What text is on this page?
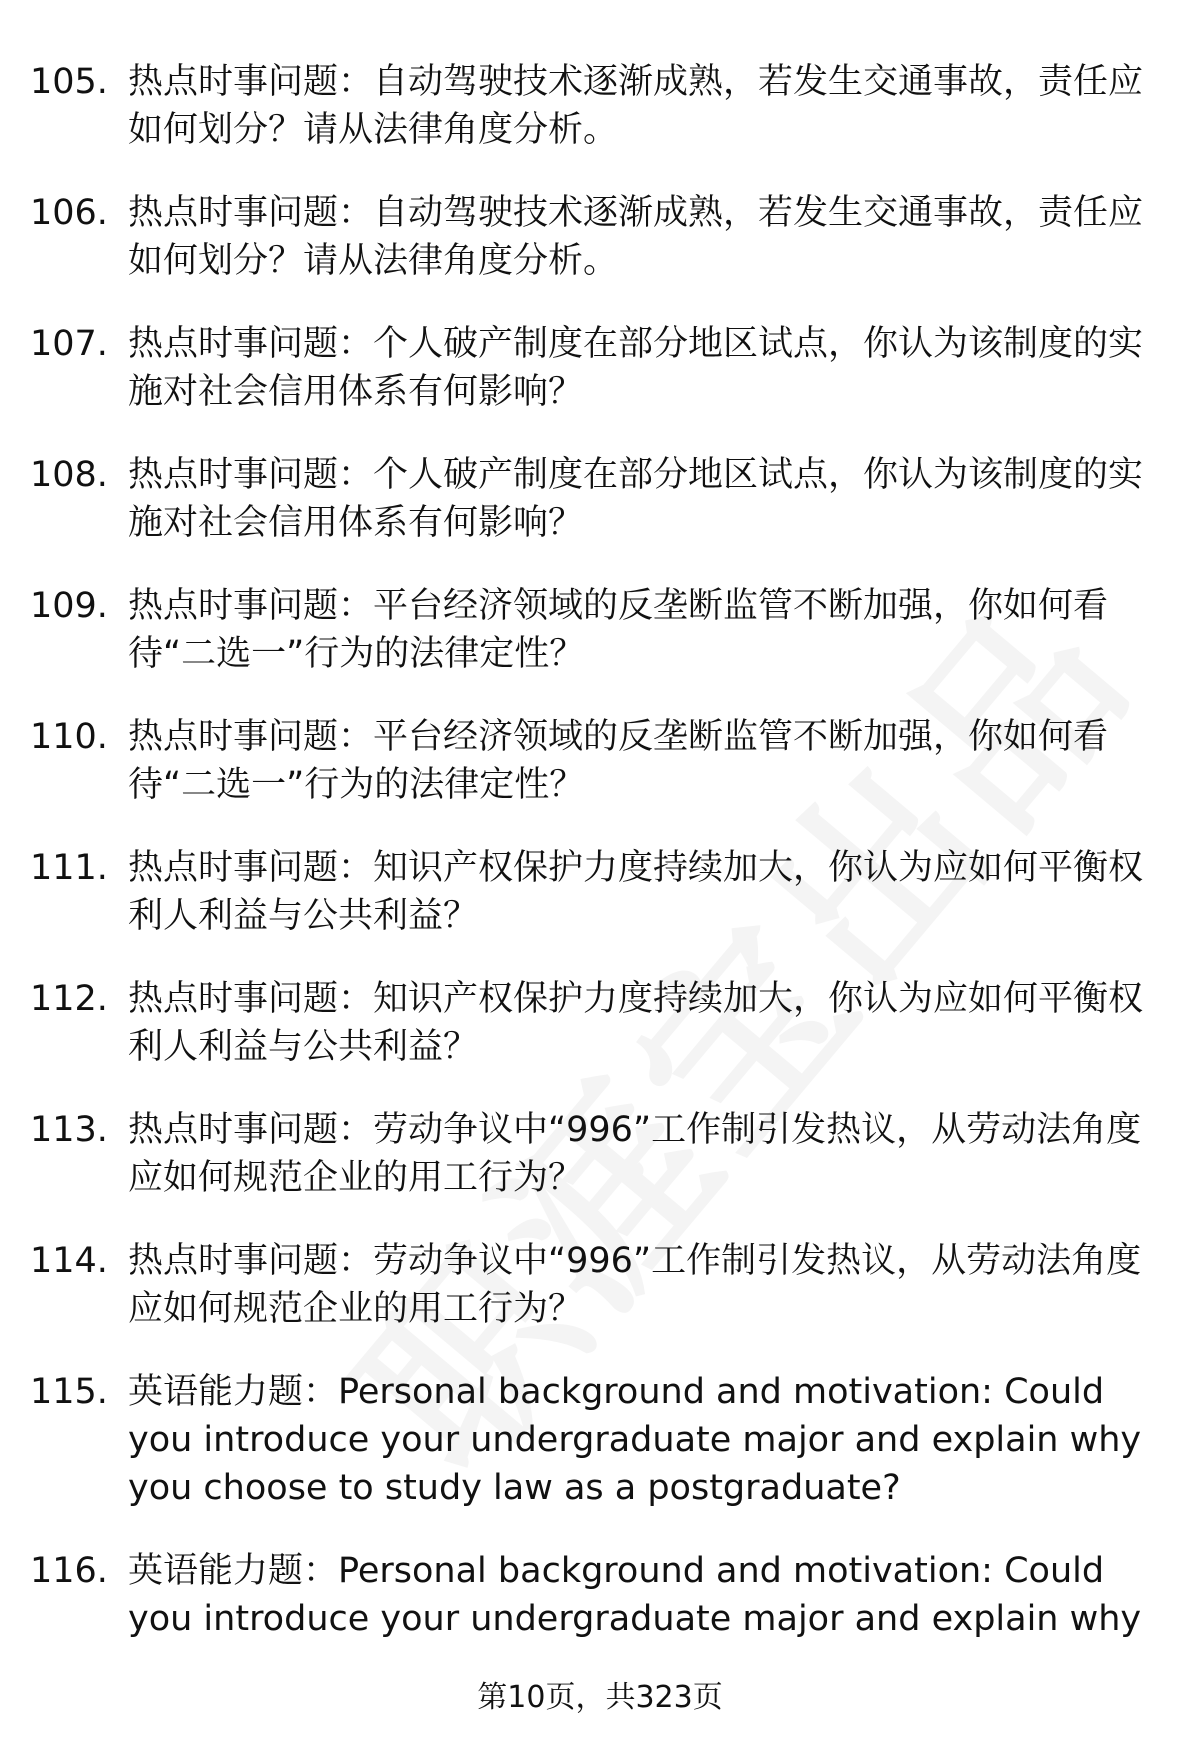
105. 热点时事问题：自动驾驶技术逐渐成熟，若发生交通事故，责任应如何划分？请从法律角度分析。
106. 热点时事问题：自动驾驶技术逐渐成熟，若发生交通事故，责任应如何划分？请从法律角度分析。
107. 热点时事问题：个人破产制度在部分地区试点，你认为该制度的实施对社会信用体系有何影响？
108. 热点时事问题：个人破产制度在部分地区试点，你认为该制度的实施对社会信用体系有何影响？
109. 热点时事问题：平台经济领域的反垄断监管不断加强，你如何看待“二选一”行为的法律定性？
110. 热点时事问题：平台经济领域的反垄断监管不断加强，你如何看待“二选一”行为的法律定性？
111. 热点时事问题：知识产权保护力度持续加大，你认为应如何平衡权利人利益与公共利益？
112. 热点时事问题：知识产权保护力度持续加大，你认为应如何平衡权利人利益与公共利益？
113. 热点时事问题：劳动争议中“996”工作制引发热议，从劳动法角度应如何规范企业的用工行为？
114. 热点时事问题：劳动争议中“996”工作制引发热议，从劳动法角度应如何规范企业的用工行为？
115. 英语能力题：Personal background and motivation: Could you introduce your undergraduate major and explain why you choose to study law as a postgraduate?
116. 英语能力题：Personal background and motivation: Could you introduce your undergraduate major and explain why
第10页，共323页
